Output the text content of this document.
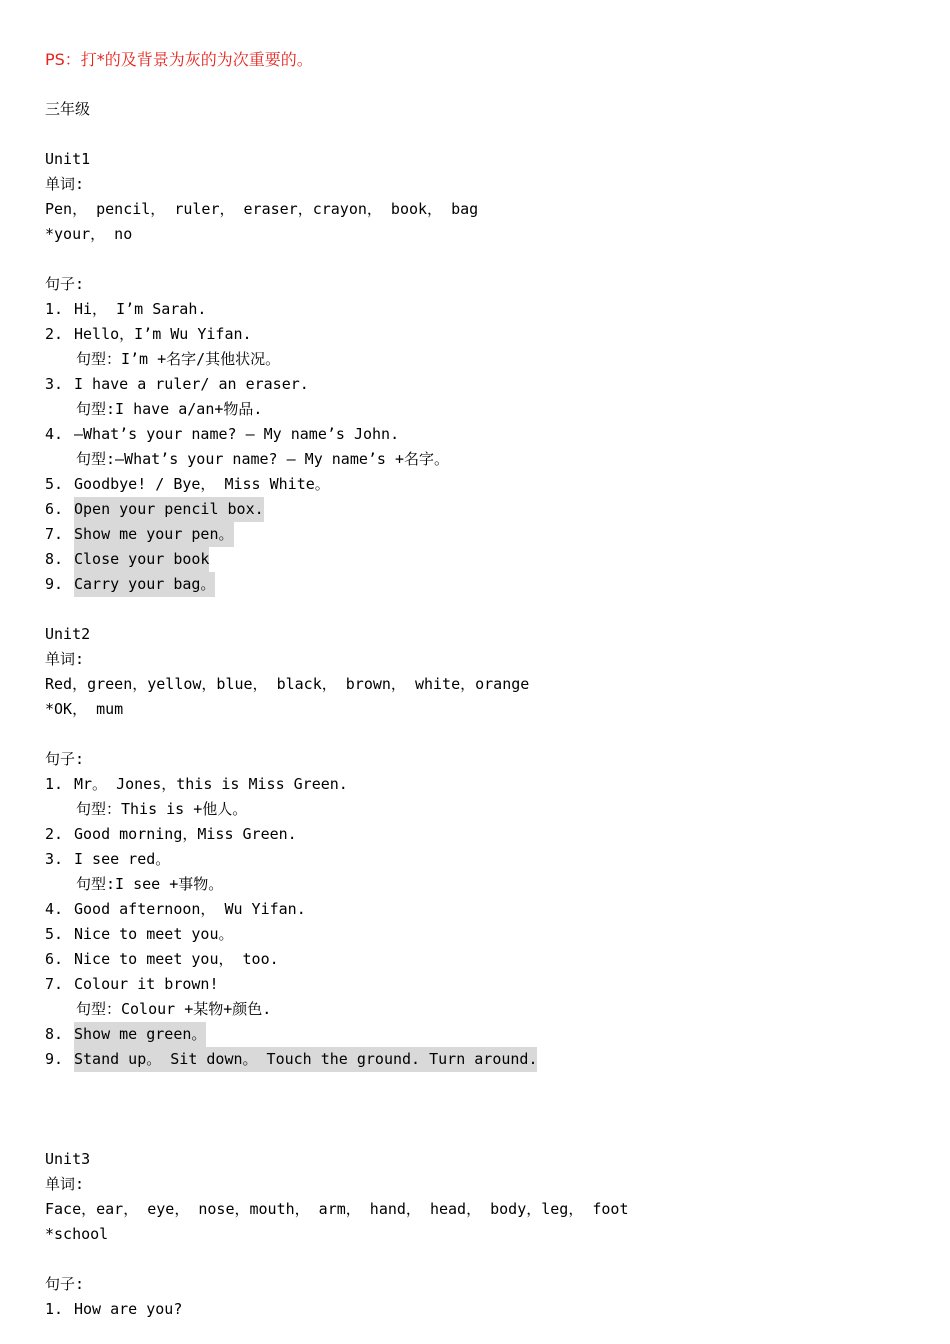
PS：打*的及背景为灰的为次重要的。
三年级
Unit1
单词:
Pen， pencil， ruler， eraser，crayon， book， bag
*your， no
句子:
1. Hi， I’m Sarah.
2. Hello，I’m Wu Yifan.
句型：I’m +名字/其他状况。
3. I have a ruler/ an eraser.
句型:I have a/an+物品.
4. —What’s your name? – My name’s John.
句型:—What’s your name? – My name’s +名字。
5. Goodbye! / Bye， Miss White。
6. Open your pencil box.
7. Show me your pen。
8. Close your book
9. Carry your bag。
Unit2
单词:
Red，green，yellow，blue， black， brown， white，orange
*OK， mum
句子:
1. Mr。 Jones，this is Miss Green.
句型：This is +他人。
2. Good morning，Miss Green.
3. I see red。
句型:I see +事物。
4. Good afternoon， Wu Yifan.
5. Nice to meet you。
6. Nice to meet you， too.
7. Colour it brown!
句型：Colour +某物+颜色.
8. Show me green。
9. Stand up。 Sit down。 Touch the ground. Turn around.
Unit3
单词:
Face，ear， eye， nose，mouth， arm， hand， head， body，leg， foot
*school
句子:
1. How are you?
